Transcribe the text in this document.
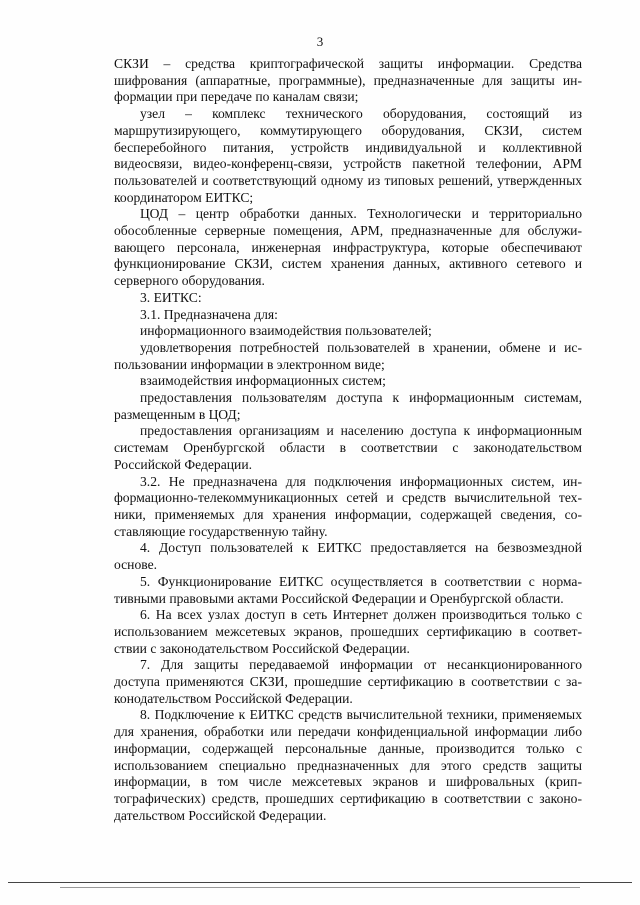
3

СКЗИ – средства криптографической защиты информации. Средства шифрования (аппаратные, программные), предназначенные для защиты информации при передаче по каналам связи;

узел – комплекс технического оборудования, состоящий из маршрутизирующего, коммутирующего оборудования, СКЗИ, систем бесперебойного питания, устройств индивидуальной и коллективной видеосвязи, видео-конференц-связи, устройств пакетной телефонии, АРМ пользователей и соответствующий одному из типовых решений, утвержденных координатором ЕИТКС;

ЦОД – центр обработки данных. Технологически и территориально обособленные серверные помещения, АРМ, предназначенные для обслуживающего персонала, инженерная инфраструктура, которые обеспечивают функционирование СКЗИ, систем хранения данных, активного сетевого и серверного оборудования.

3. ЕИТКС:

3.1. Предназначена для:

информационного взаимодействия пользователей;

удовлетворения потребностей пользователей в хранении, обмене и использовании информации в электронном виде;

взаимодействия информационных систем;

предоставления пользователям доступа к информационным системам, размещенным в ЦОД;

предоставления организациям и населению доступа к информационным системам Оренбургской области в соответствии с законодательством Российской Федерации.

3.2. Не предназначена для подключения информационных систем, информационно-телекоммуникационных сетей и средств вычислительной техники, применяемых для хранения информации, содержащей сведения, составляющие государственную тайну.

4. Доступ пользователей к ЕИТКС предоставляется на безвозмездной основе.

5. Функционирование ЕИТКС осуществляется в соответствии с нормативными правовыми актами Российской Федерации и Оренбургской области.

6. На всех узлах доступ в сеть Интернет должен производиться только с использованием межсетевых экранов, прошедших сертификацию в соответствии с законодательством Российской Федерации.

7. Для защиты передаваемой информации от несанкционированного доступа применяются СКЗИ, прошедшие сертификацию в соответствии с законодательством Российской Федерации.

8. Подключение к ЕИТКС средств вычислительной техники, применяемых для хранения, обработки или передачи конфиденциальной информации либо информации, содержащей персональные данные, производится только с использованием специально предназначенных для этого средств защиты информации, в том числе межсетевых экранов и шифровальных (криптографических) средств, прошедших сертификацию в соответствии с законодательством Российской Федерации.
